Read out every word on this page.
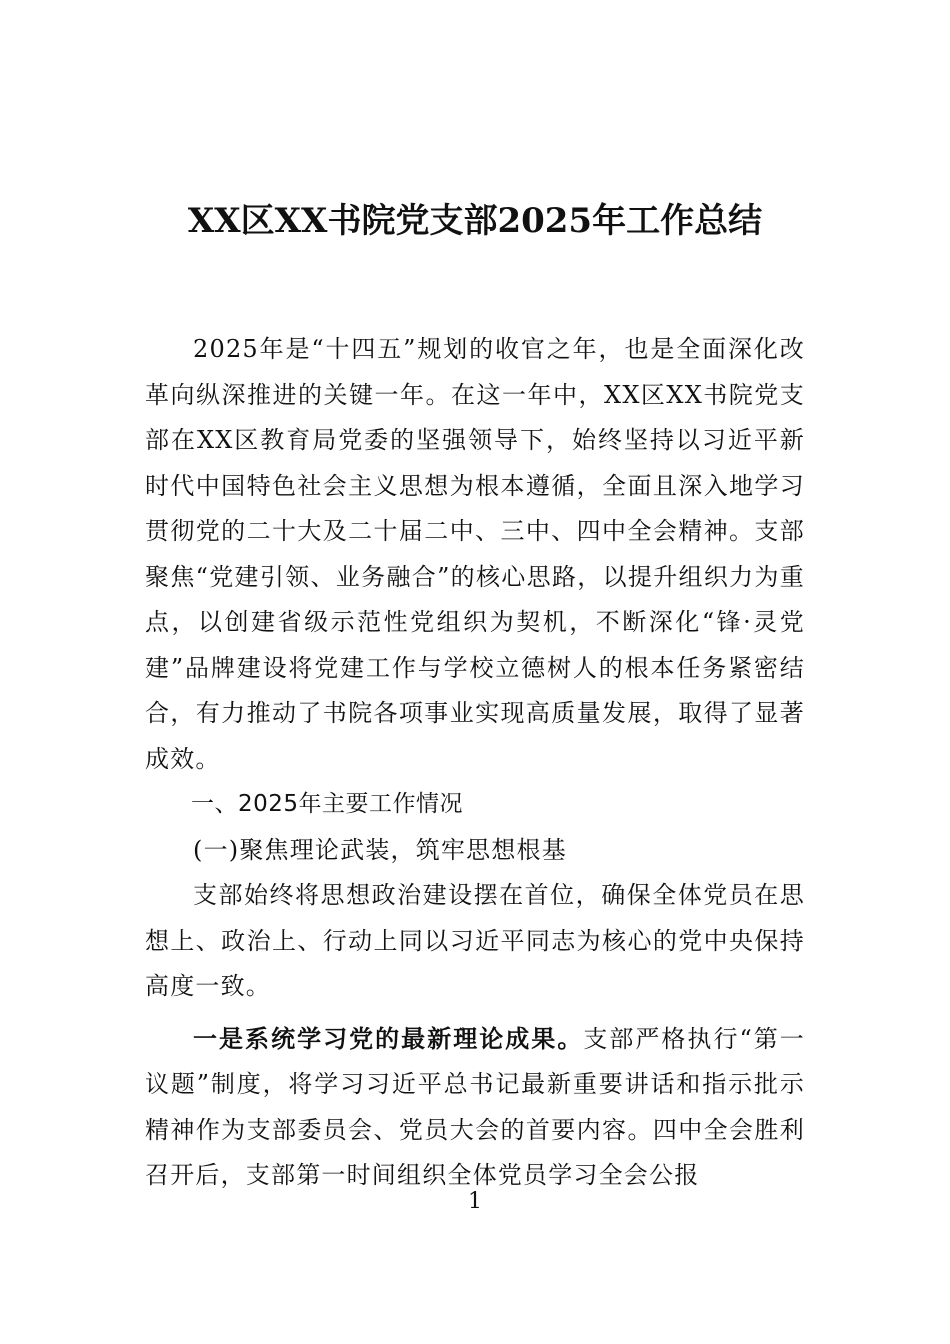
XX区XX书院党支部2025年工作总结

2025年是“十四五”规划的收官之年，也是全面深化改革向纵深推进的关键一年。在这一年中，XX区XX书院党支部在XX区教育局党委的坚强领导下，始终坚持以习近平新时代中国特色社会主义思想为根本遵循，全面且深入地学习贯彻党的二十大及二十届二中、三中、四中全会精神。支部聚焦“党建引领、业务融合”的核心思路，以提升组织力为重点，以创建省级示范性党组织为契机，不断深化“锋·灵党建”品牌建设将党建工作与学校立德树人的根本任务紧密结合，有力推动了书院各项事业实现高质量发展，取得了显著成效。

一、2025年主要工作情况

(一)聚焦理论武装，筑牢思想根基

支部始终将思想政治建设摆在首位，确保全体党员在思想上、政治上、行动上同以习近平同志为核心的党中央保持高度一致。

一是系统学习党的最新理论成果。支部严格执行“第一议题”制度，将学习习近平总书记最新重要讲话和指示批示精神作为支部委员会、党员大会的首要内容。四中全会胜利召开后，支部第一时间组织全体党员学习全会公报

1
